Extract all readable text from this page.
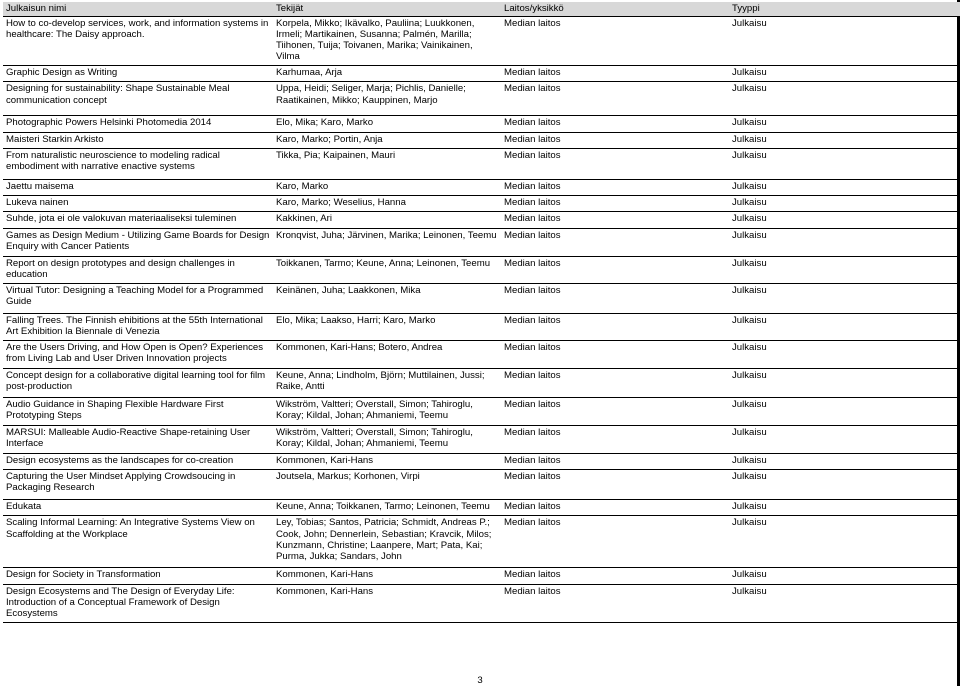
Julkaisun nimi	Tekijät	Laitos/yksikkö	Tyyppi
How to co-develop services, work, and information systems in healthcare: The Daisy approach.	Korpela, Mikko; Ikävalko, Pauliina; Luukkonen, Irmeli; Martikainen, Susanna; Palmén, Marilla; Tiihonen, Tuija; Toivanen, Marika; Vainikainen, Vilma	Median laitos	Julkaisu
Graphic Design as Writing	Karhumaa, Arja	Median laitos	Julkaisu
Designing for sustainability: Shape Sustainable Meal communication concept	Uppa, Heidi; Seliger, Marja; Pichlis, Danielle; Raatikainen, Mikko; Kauppinen, Marjo	Median laitos	Julkaisu
Photographic Powers Helsinki Photomedia 2014	Elo, Mika; Karo, Marko	Median laitos	Julkaisu
Maisteri Starkin Arkisto	Karo, Marko; Portin, Anja	Median laitos	Julkaisu
From naturalistic neuroscience to modeling radical embodiment with narrative enactive systems	Tikka, Pia; Kaipainen, Mauri	Median laitos	Julkaisu
Jaettu maisema	Karo, Marko	Median laitos	Julkaisu
Lukeva nainen	Karo, Marko; Weselius, Hanna	Median laitos	Julkaisu
Suhde, jota ei ole valokuvan materiaaliseksi tuleminen	Kakkinen, Ari	Median laitos	Julkaisu
Games as Design Medium - Utilizing Game Boards for Design Enquiry with Cancer Patients	Kronqvist, Juha; Järvinen, Marika; Leinonen, Teemu	Median laitos	Julkaisu
Report on design prototypes and design challenges in education	Toikkanen, Tarmo; Keune, Anna; Leinonen, Teemu	Median laitos	Julkaisu
Virtual Tutor: Designing a Teaching Model for a Programmed Guide	Keinänen, Juha; Laakkonen, Mika	Median laitos	Julkaisu
Falling Trees. The Finnish ehibitions at the 55th International Art Exhibition la Biennale di Venezia	Elo, Mika; Laakso, Harri; Karo, Marko	Median laitos	Julkaisu
Are the Users Driving, and How Open is Open? Experiences from Living Lab and User Driven Innovation projects	Kommonen, Kari-Hans; Botero, Andrea	Median laitos	Julkaisu
Concept design for a collaborative digital learning tool for film post-production	Keune, Anna; Lindholm, Björn; Muttilainen, Jussi; Raike, Antti	Median laitos	Julkaisu
Audio Guidance in Shaping Flexible Hardware First Prototyping Steps	Wikström, Valtteri; Overstall, Simon; Tahiroglu, Koray; Kildal, Johan; Ahmaniemi, Teemu	Median laitos	Julkaisu
MARSUI: Malleable Audio-Reactive Shape-retaining User Interface	Wikström, Valtteri; Overstall, Simon; Tahiroglu, Koray; Kildal, Johan; Ahmaniemi, Teemu	Median laitos	Julkaisu
Design ecosystems as the landscapes for co-creation	Kommonen, Kari-Hans	Median laitos	Julkaisu
Capturing the User Mindset Applying Crowdsoucing in Packaging Research	Joutsela, Markus; Korhonen, Virpi	Median laitos	Julkaisu
Edukata	Keune, Anna; Toikkanen, Tarmo; Leinonen, Teemu	Median laitos	Julkaisu
Scaling Informal Learning: An Integrative Systems View on Scaffolding at the Workplace	Ley, Tobias; Santos, Patricia; Schmidt, Andreas P.; Cook, John; Dennerlein, Sebastian; Kravcik, Milos; Kunzmann, Christine; Laanpere, Mart; Pata, Kai; Purma, Jukka; Sandars, John	Median laitos	Julkaisu
Design for Society in Transformation	Kommonen, Kari-Hans	Median laitos	Julkaisu
Design Ecosystems and The Design of Everyday Life: Introduction of a Conceptual Framework of Design Ecosystems	Kommonen, Kari-Hans	Median laitos	Julkaisu
3
